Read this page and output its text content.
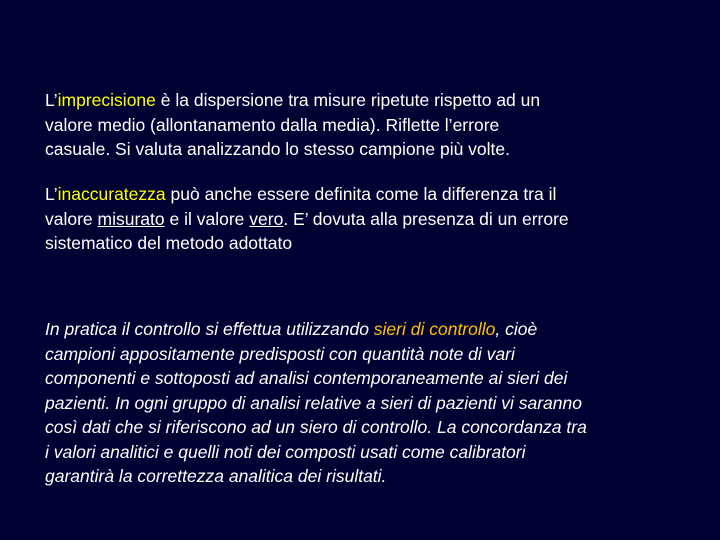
L’imprecisione è la dispersione tra misure ripetute rispetto ad un
valore medio (allontanamento dalla media). Riflette l’errore
casuale. Si valuta analizzando lo stesso campione più volte.

L’inaccuratezza può anche essere definita come la differenza tra il
valore misurato e il valore vero. E’ dovuta alla presenza di un errore
sistematico del metodo adottato

In pratica il controllo si effettua utilizzando sieri di controllo, cioè
campioni appositamente predisposti con quantità note di vari
componenti e sottoposti ad analisi contemporaneamente ai sieri dei
pazienti. In ogni gruppo di analisi relative a sieri di pazienti vi saranno
così dati che si riferiscono ad un siero di controllo. La concordanza tra
i valori analitici e quelli noti dei composti usati come calibratori
garantirà la correttezza analitica dei risultati.
